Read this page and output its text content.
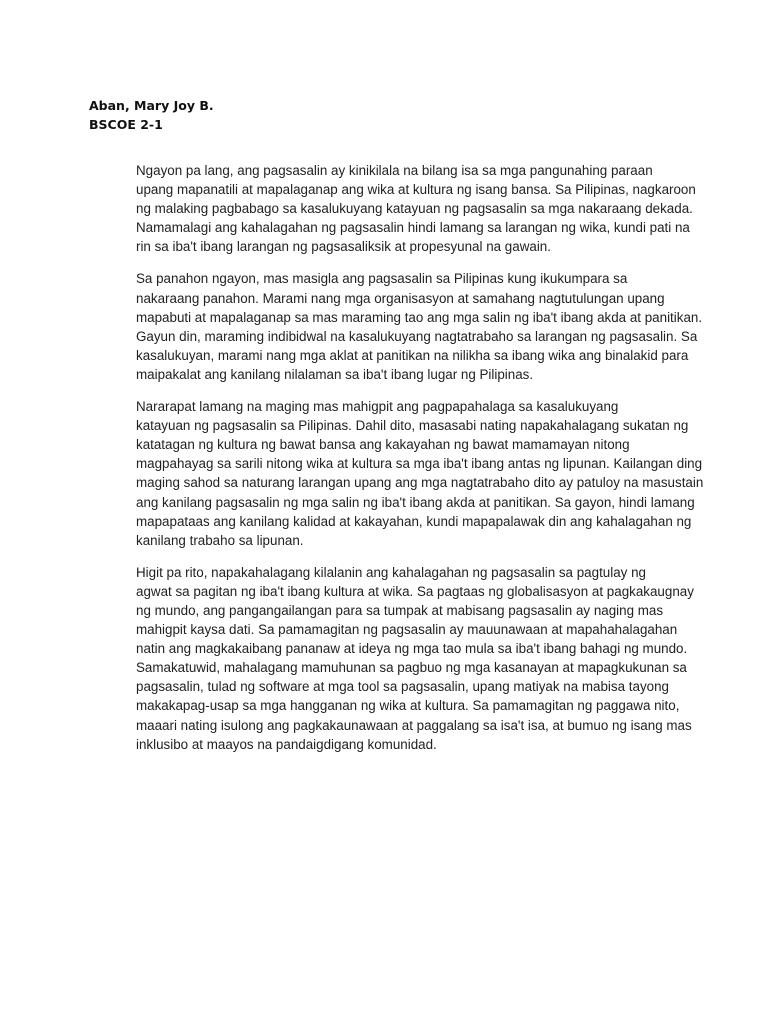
Aban, Mary Joy B.
BSCOE 2-1

Ngayon pa lang, ang pagsasalin ay kinikilala na bilang isa sa mga pangunahing paraan
upang mapanatili at mapalaganap ang wika at kultura ng isang bansa. Sa Pilipinas, nagkaroon
ng malaking pagbabago sa kasalukuyang katayuan ng pagsasalin sa mga nakaraang dekada.
Namamalagi ang kahalagahan ng pagsasalin hindi lamang sa larangan ng wika, kundi pati na
rin sa iba't ibang larangan ng pagsasaliksik at propesyunal na gawain.

Sa panahon ngayon, mas masigla ang pagsasalin sa Pilipinas kung ikukumpara sa
nakaraang panahon. Marami nang mga organisasyon at samahang nagtutulungan upang
mapabuti at mapalaganap sa mas maraming tao ang mga salin ng iba't ibang akda at panitikan.
Gayun din, maraming indibidwal na kasalukuyang nagtatrabaho sa larangan ng pagsasalin. Sa
kasalukuyan, marami nang mga aklat at panitikan na nilikha sa ibang wika ang binalakid para
maipakalat ang kanilang nilalaman sa iba't ibang lugar ng Pilipinas.

Nararapat lamang na maging mas mahigpit ang pagpapahalaga sa kasalukuyang
katayuan ng pagsasalin sa Pilipinas. Dahil dito, masasabi nating napakahalagang sukatan ng
katatagan ng kultura ng bawat bansa ang kakayahan ng bawat mamamayan nitong
magpahayag sa sarili nitong wika at kultura sa mga iba't ibang antas ng lipunan. Kailangan ding
maging sahod sa naturang larangan upang ang mga nagtatrabaho dito ay patuloy na masustain
ang kanilang pagsasalin ng mga salin ng iba't ibang akda at panitikan. Sa gayon, hindi lamang
mapapataas ang kanilang kalidad at kakayahan, kundi mapapalawak din ang kahalagahan ng
kanilang trabaho sa lipunan.

Higit pa rito, napakahalagang kilalanin ang kahalagahan ng pagsasalin sa pagtulay ng
agwat sa pagitan ng iba't ibang kultura at wika. Sa pagtaas ng globalisasyon at pagkakaugnay
ng mundo, ang pangangailangan para sa tumpak at mabisang pagsasalin ay naging mas
mahigpit kaysa dati. Sa pamamagitan ng pagsasalin ay mauunawaan at mapahahalagahan
natin ang magkakaibang pananaw at ideya ng mga tao mula sa iba't ibang bahagi ng mundo.
Samakatuwid, mahalagang mamuhunan sa pagbuo ng mga kasanayan at mapagkukunan sa
pagsasalin, tulad ng software at mga tool sa pagsasalin, upang matiyak na mabisa tayong
makakapag-usap sa mga hangganan ng wika at kultura. Sa pamamagitan ng paggawa nito,
maaari nating isulong ang pagkakaunawaan at paggalang sa isa't isa, at bumuo ng isang mas
inklusibo at maayos na pandaigdigang komunidad.
